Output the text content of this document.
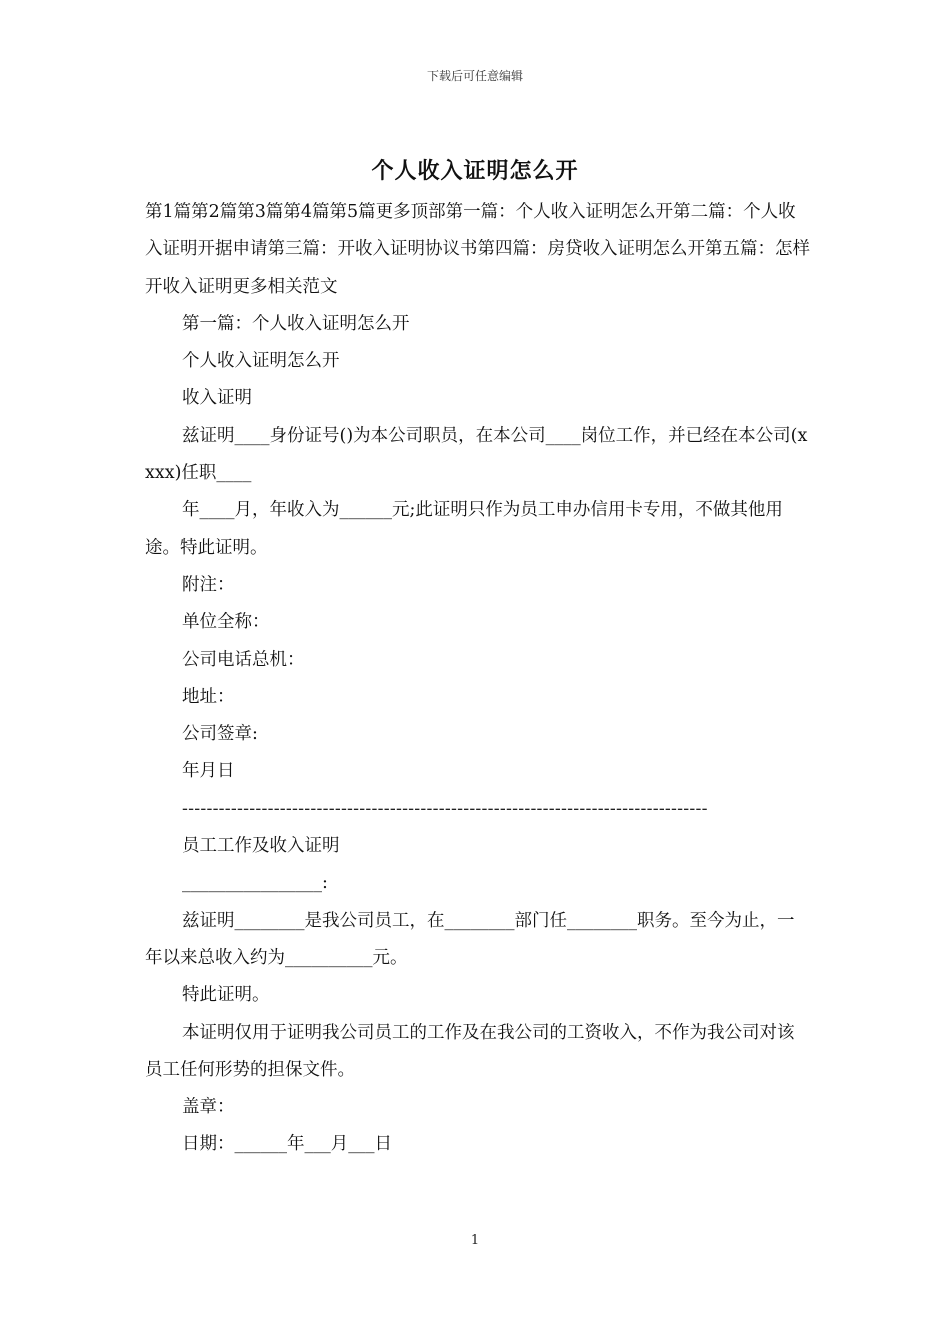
下载后可任意编辑
个人收入证明怎么开

第1篇第2篇第3篇第4篇第5篇更多顶部第一篇：个人收入证明怎么开第二篇：个人收入证明开据申请第三篇：开收入证明协议书第四篇：房贷收入证明怎么开第五篇：怎样开收入证明更多相关范文

第一篇：个人收入证明怎么开

个人收入证明怎么开

收入证明

兹证明____身份证号()为本公司职员，在本公司____岗位工作，并已经在本公司(xxxx)任职____

年____月，年收入为______元;此证明只作为员工申办信用卡专用，不做其他用途。特此证明。

附注：

单位全称：

公司电话总机：

地址：

公司签章:

年月日

--------------------------------------------------------------------------------------

员工工作及收入证明

________________:

兹证明________是我公司员工，在________部门任________职务。至今为止，一年以来总收入约为__________元。

特此证明。

本证明仅用于证明我公司员工的工作及在我公司的工资收入，不作为我公司对该员工任何形势的担保文件。

盖章：

日期：______年___月___日

1
